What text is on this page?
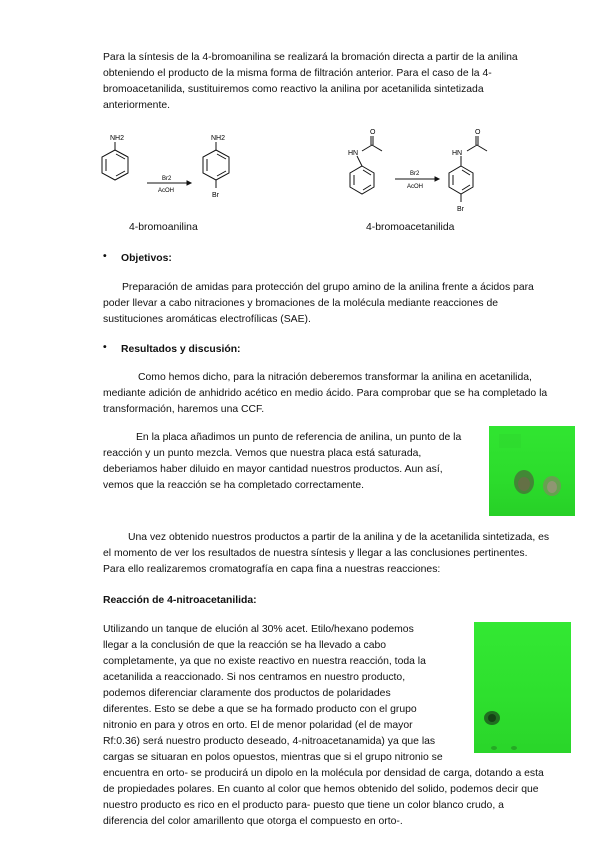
Para la síntesis de la 4-bromoanilina se realizará la bromación directa a partir de la anilina

obteniendo el producto de la misma forma de filtración anterior. Para el caso de la 4-

bromoacetanilida, sustituiremos como reactivo la anilina por acetanilida sintetizada

anteriormente.

NH2	NH2
Br
Br2
AcOH
4-bromoanilina
O
HN
O
HN
Br
Br2
AcOH
4-bromoacetanilida
• Objetivos:

Preparación de amidas para protección del grupo amino de la anilina frente a ácidos para

poder llevar a cabo nitraciones y bromaciones de la molécula mediante reacciones de

sustituciones aromáticas electrofílicas (SAE).

• Resultados y discusión:

Como hemos dicho, para la nitración deberemos transformar la anilina en acetanilida,

mediante adición de anhidrido acético en medio ácido. Para comprobar que se ha completado la

transformación, haremos una CCF.

En la placa añadimos un punto de referencia de anilina, un punto de la

reacción y un punto mezcla. Vemos que nuestra placa está saturada,

deberiamos haber diluido en mayor cantidad nuestros productos. Aun así,

vemos que la reacción se ha completado correctamente.

Una vez obtenido nuestros productos a partir de la anilina y de la acetanilida sintetizada, es

el momento de ver los resultados de nuestra síntesis y llegar a las conclusiones pertinentes.

Para ello realizaremos cromatografía en capa fina a nuestras reacciones:

Reacción de 4-nitroacetanilida:

Utilizando un tanque de elución al 30% acet. Etilo/hexano podemos

llegar a la conclusión de que la reacción se ha llevado a cabo

completamente, ya que no existe reactivo en nuestra reacción, toda la

acetanilida a reaccionado. Si nos centramos en nuestro producto,

podemos diferenciar claramente dos productos de polaridades

diferentes. Esto se debe a que se ha formado producto con el grupo

nitronio en para y otros en orto. El de menor polaridad (el de mayor

Rf:0.36) será nuestro producto deseado, 4-nitroacetanamida) ya que las

cargas se situaran en polos opuestos, mientras que si el grupo nitronio se

encuentra en orto- se producirá un dipolo en la molécula por densidad de carga, dotando a esta

de propiedades polares. En cuanto al color que hemos obtenido del solido, podemos decir que

nuestro producto es rico en el producto para- puesto que tiene un color blanco crudo, a

diferencia del color amarillento que otorga el compuesto en orto-.
